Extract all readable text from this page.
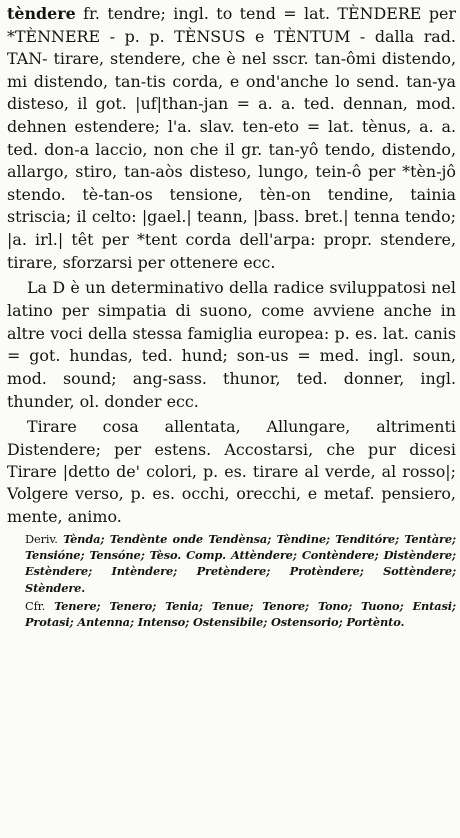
tèndere fr. tendre; ingl. to tend = lat. TÈNDERE per *TÈNNERE - p. p. TÈNSUS e TÈNTUM - dalla rad. TAN- tirare, stendere, che è nel sscr. tan-ômi distendo, mi distendo, tan-tis corda, e ond'anche lo send. tan-ya disteso, il got. |uf|than-jan = a. a. ted. dennan, mod. dehnen estendere; l'a. slav. ten-eto = lat. tènus, a. a. ted. don-a laccio, non che il gr. tan-yô tendo, distendo, allargo, stiro, tan-aòs disteso, lungo, tein-ô per *tèn-jô stendo. tè-tan-os tensione, tèn-on tendine, tainia striscia; il celto: |gael.| teann, |bass. bret.| tenna tendo; |a. irl.| têt per *tent corda dell'arpa: propr. stendere, tirare, sforzarsi per ottenere ecc.

La D è un determinativo della radice sviluppatosi nel latino per simpatia di suono, come avviene anche in altre voci della stessa famiglia europea: p. es. lat. canis = got. hundas, ted. hund; son-us = med. ingl. soun, mod. sound; ang-sass. thunor, ted. donner, ingl. thunder, ol. donder ecc.

Tirare cosa allentata, Allungare, altrimenti Distendere; per estens. Accostarsi, che pur dicesi Tirare |detto de' colori, p. es. tirare al verde, al rosso|; Volgere verso, p. es. occhi, orecchi, e metaf. pensiero, mente, animo.

Deriv. Tènda; Tendènte onde Tendènsa; Tèndine; Tenditóre; Tentàre; Tensióne; Tensóne; Tèso. Comp. Attèndere; Contèndere; Distèndere; Estèndere; Intèndere; Pretèndere; Protèndere; Sottèndere; Stèndere.

Cfr. Tenere; Tenero; Tenia; Tenue; Tenore; Tono; Tuono; Entasi; Protasi; Antenna; Intenso; Ostensibile; Ostensorio; Portènto.
